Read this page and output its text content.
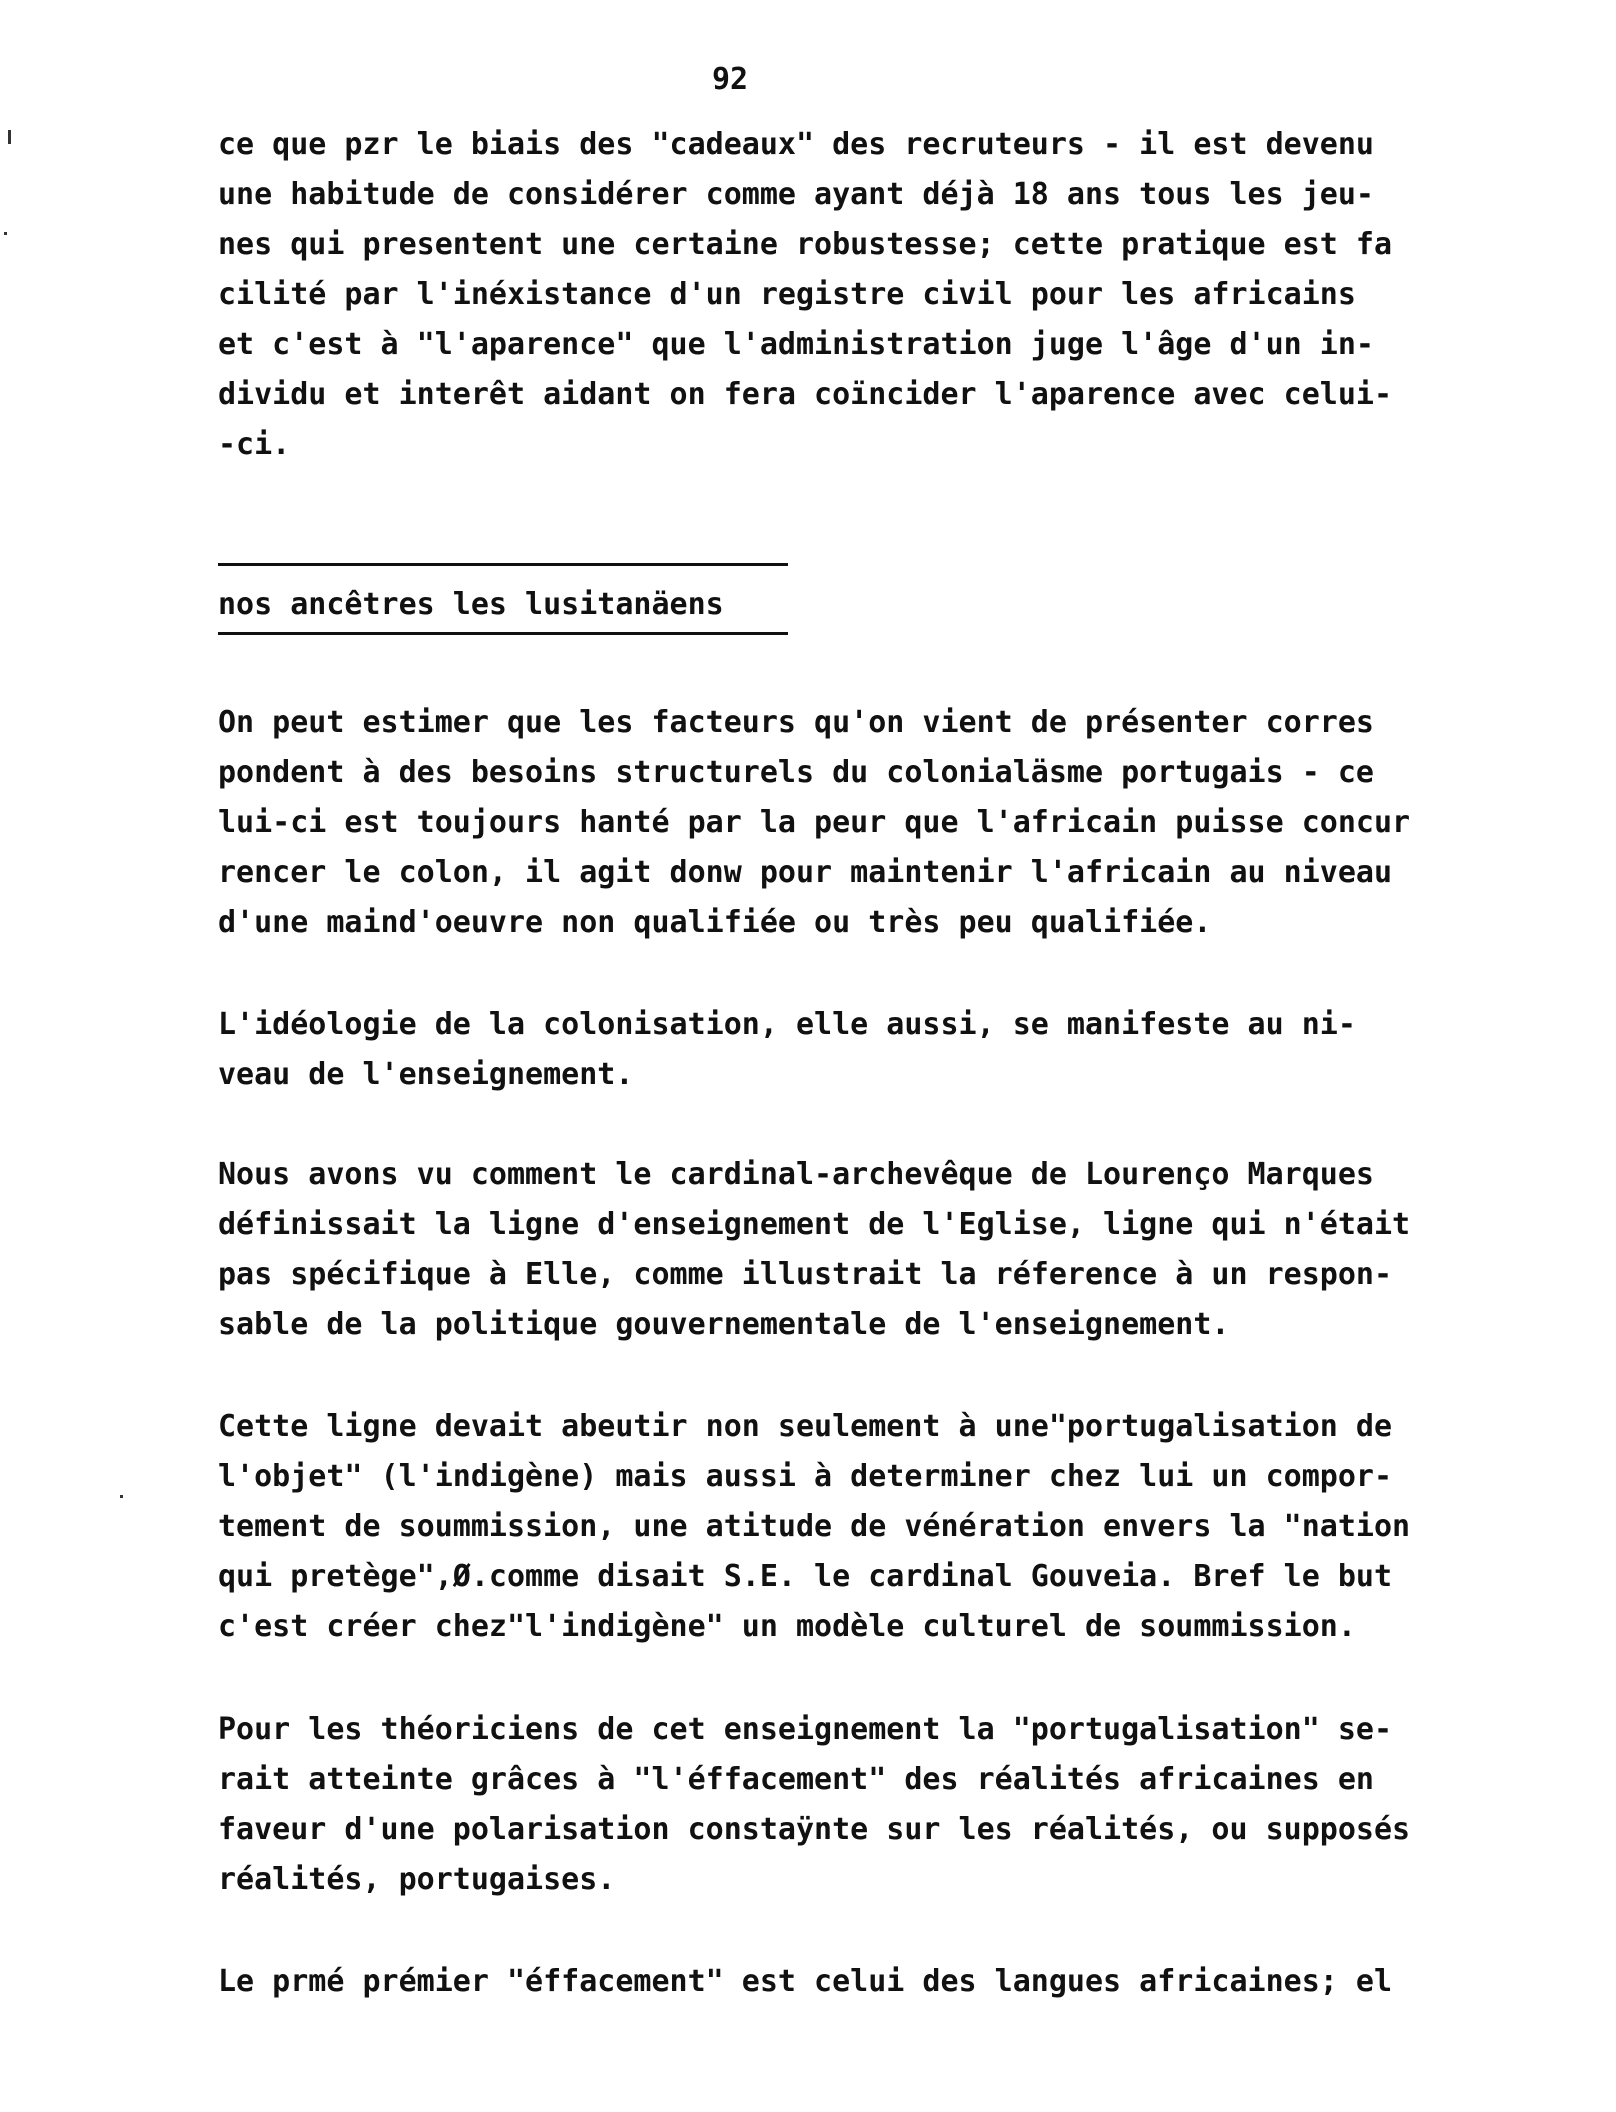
92
ce que pzr le biais des "cadeaux" des recruteurs - il est devenu
une habitude de considérer comme ayant déjà 18 ans tous les jeu-
nes qui presentent une certaine robustesse; cette pratique est fa
cilité par l'inéxistance d'un registre civil pour les africains
et c'est à "l'aparence" que l'administration juge l'âge d'un in-
dividu et interêt aidant on fera coïncider l'aparence avec celui-
-ci.
nos ancêtres les lusitanäens
On peut estimer que les facteurs qu'on vient de présenter corres
pondent à des besoins structurels du colonialäsme portugais - ce
lui-ci est toujours hanté par la peur que l'africain puisse concur
rencer le colon, il agit donw pour maintenir l'africain au niveau
d'une maind'oeuvre non qualifiée ou très peu qualifiée.
L'idéologie de la colonisation, elle aussi, se manifeste au ni-
veau de l'enseignement.
Nous avons vu comment le cardinal-archevêque de Lourenço Marques
définissait la ligne d'enseignement de l'Eglise, ligne qui n'était
pas spécifique à Elle, comme illustrait la réference à un respon-
sable de la politique gouvernementale de l'enseignement.
Cette ligne devait abeutir non seulement à une"portugalisation de
l'objet" (l'indigène) mais aussi à determiner chez lui un compor-
tement de soummission, une atitude de vénération envers la "nation
qui pretège",Ø.comme disait S.E. le cardinal Gouveia. Bref le but
c'est créer chez"l'indigène" un modèle culturel de soummission.
Pour les théoriciens de cet enseignement la "portugalisation" se-
rait atteinte grâces à "l'éffacement" des réalités africaines en
faveur d'une polarisation constaÿnte sur les réalités, ou supposés
réalités, portugaises.
Le prmé prémier "éffacement" est celui des langues africaines; el
